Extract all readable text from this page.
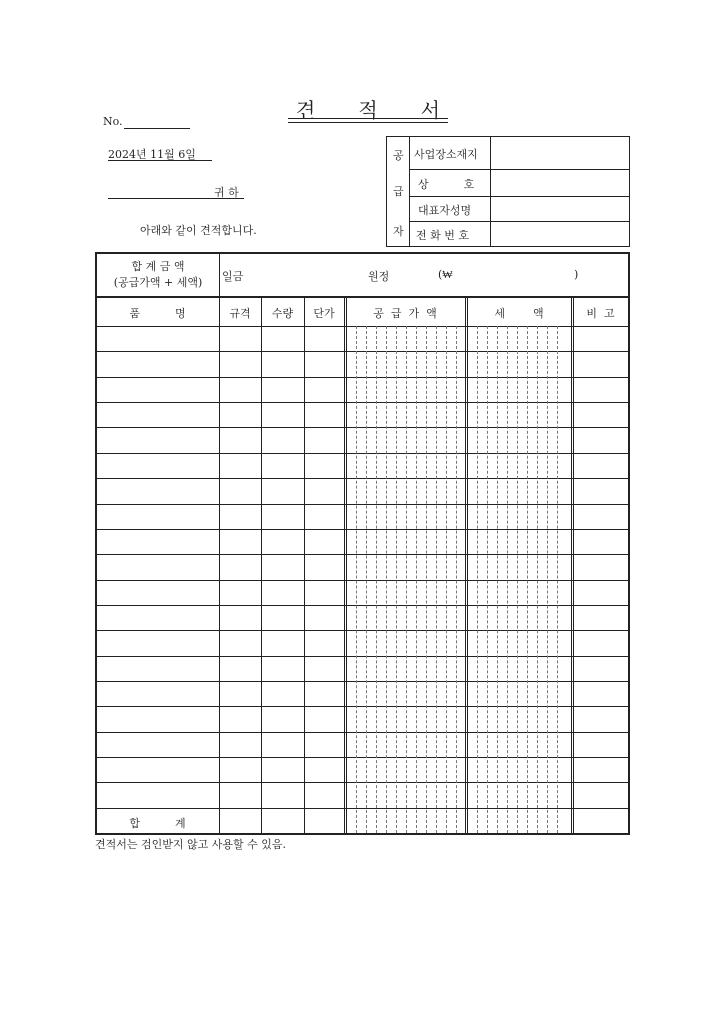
견 적 서
No.
2024년 11월 6일
귀 하
아래와 같이 견적합니다.
공
급
자
사업장소재지
상          호
대표자성명
전 화 번 호
합 계 금 액
(공급가액 + 세액)	일금	원정	(₩	)
품          명	규격	수량	단가	공  급  가  액	세        액	비  고
합          계
견적서는 검인받지 않고 사용할 수 있음.
